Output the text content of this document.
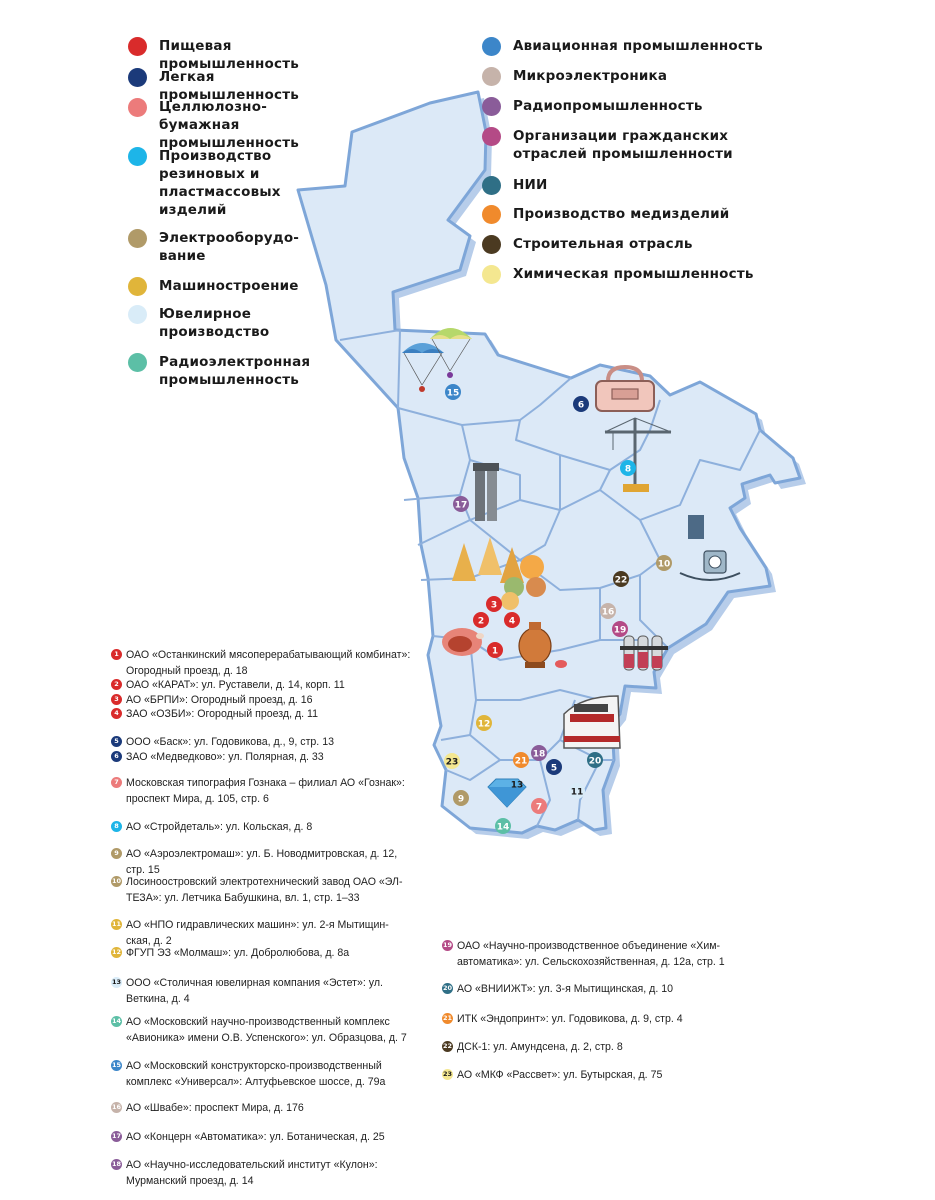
1
2
3
4
5
6
7
8
9
10
11
12
13
14
15
16
17
18
19
20
21
22
23
Пищевая промышленность
Легкая промышленность
Целлюлозно-бумажная промышленность
Производство резиновых и пластмассовых изделий
Электрооборудо-вание
Машиностроение
Ювелирное производство
Радиоэлектронная промышленность
Авиационная промышленность
Микроэлектроника
Радиопромышленность
Организации гражданских отраслей промышленности
НИИ
Производство медизделий
Строительная отрасль
Химическая промышленность
1 ОАО «Останкинский мясоперерабатывающий комбинат»: Огородный проезд, д. 18
2 ОАО «КАРАТ»: ул. Руставели, д. 14, корп. 11
3 АО «БРПИ»: Огородный проезд, д. 16
4 ЗАО «ОЗБИ»: Огородный проезд, д. 11
5 ООО «Баск»: ул. Годовикова, д., 9, стр. 13
6 ЗАО «Медведково»: ул. Полярная, д. 33
7 Московская типография Гознака – филиал АО «Гознак»: проспект Мира, д. 105, стр. 6
8 АО «Стройдеталь»: ул. Кольская, д. 8
9 АО «Аэроэлектромаш»: ул. Б. Новодмитровская, д. 12, стр. 15
10 Лосиноостровский электротехнический завод ОАО «ЭЛ-ТЕЗА»: ул. Летчика Бабушкина, вл. 1, стр. 1–33
11 АО «НПО гидравлических машин»: ул. 2-я Мытищин-ская, д. 2
12 ФГУП ЭЗ «Молмаш»: ул. Добролюбова, д. 8а
13 ООО «Столичная ювелирная компания «Эстет»: ул. Веткина, д. 4
14 АО «Московский научно-производственный комплекс «Авионика» имени О.В. Успенского»: ул. Образцова, д. 7
15 АО «Московский конструкторско-производственный комплекс «Универсал»: Алтуфьевское шоссе, д. 79а
16 АО «Швабе»: проспект Мира, д. 176
17 АО «Концерн «Автоматика»: ул. Ботаническая, д. 25
18 АО «Научно-исследовательский институт «Кулон»: Мурманский проезд, д. 14
19 ОАО «Научно-производственное объединение «Хим-автоматика»: ул. Сельскохозяйственная, д. 12а, стр. 1
20 АО «ВНИИЖТ»: ул. 3-я Мытищинская, д. 10
21 ИТК «Эндопринт»: ул. Годовикова, д. 9, стр. 4
22 ДСК-1: ул. Амундсена, д. 2, стр. 8
23 АО «МКФ «Рассвет»: ул. Бутырская, д. 75
